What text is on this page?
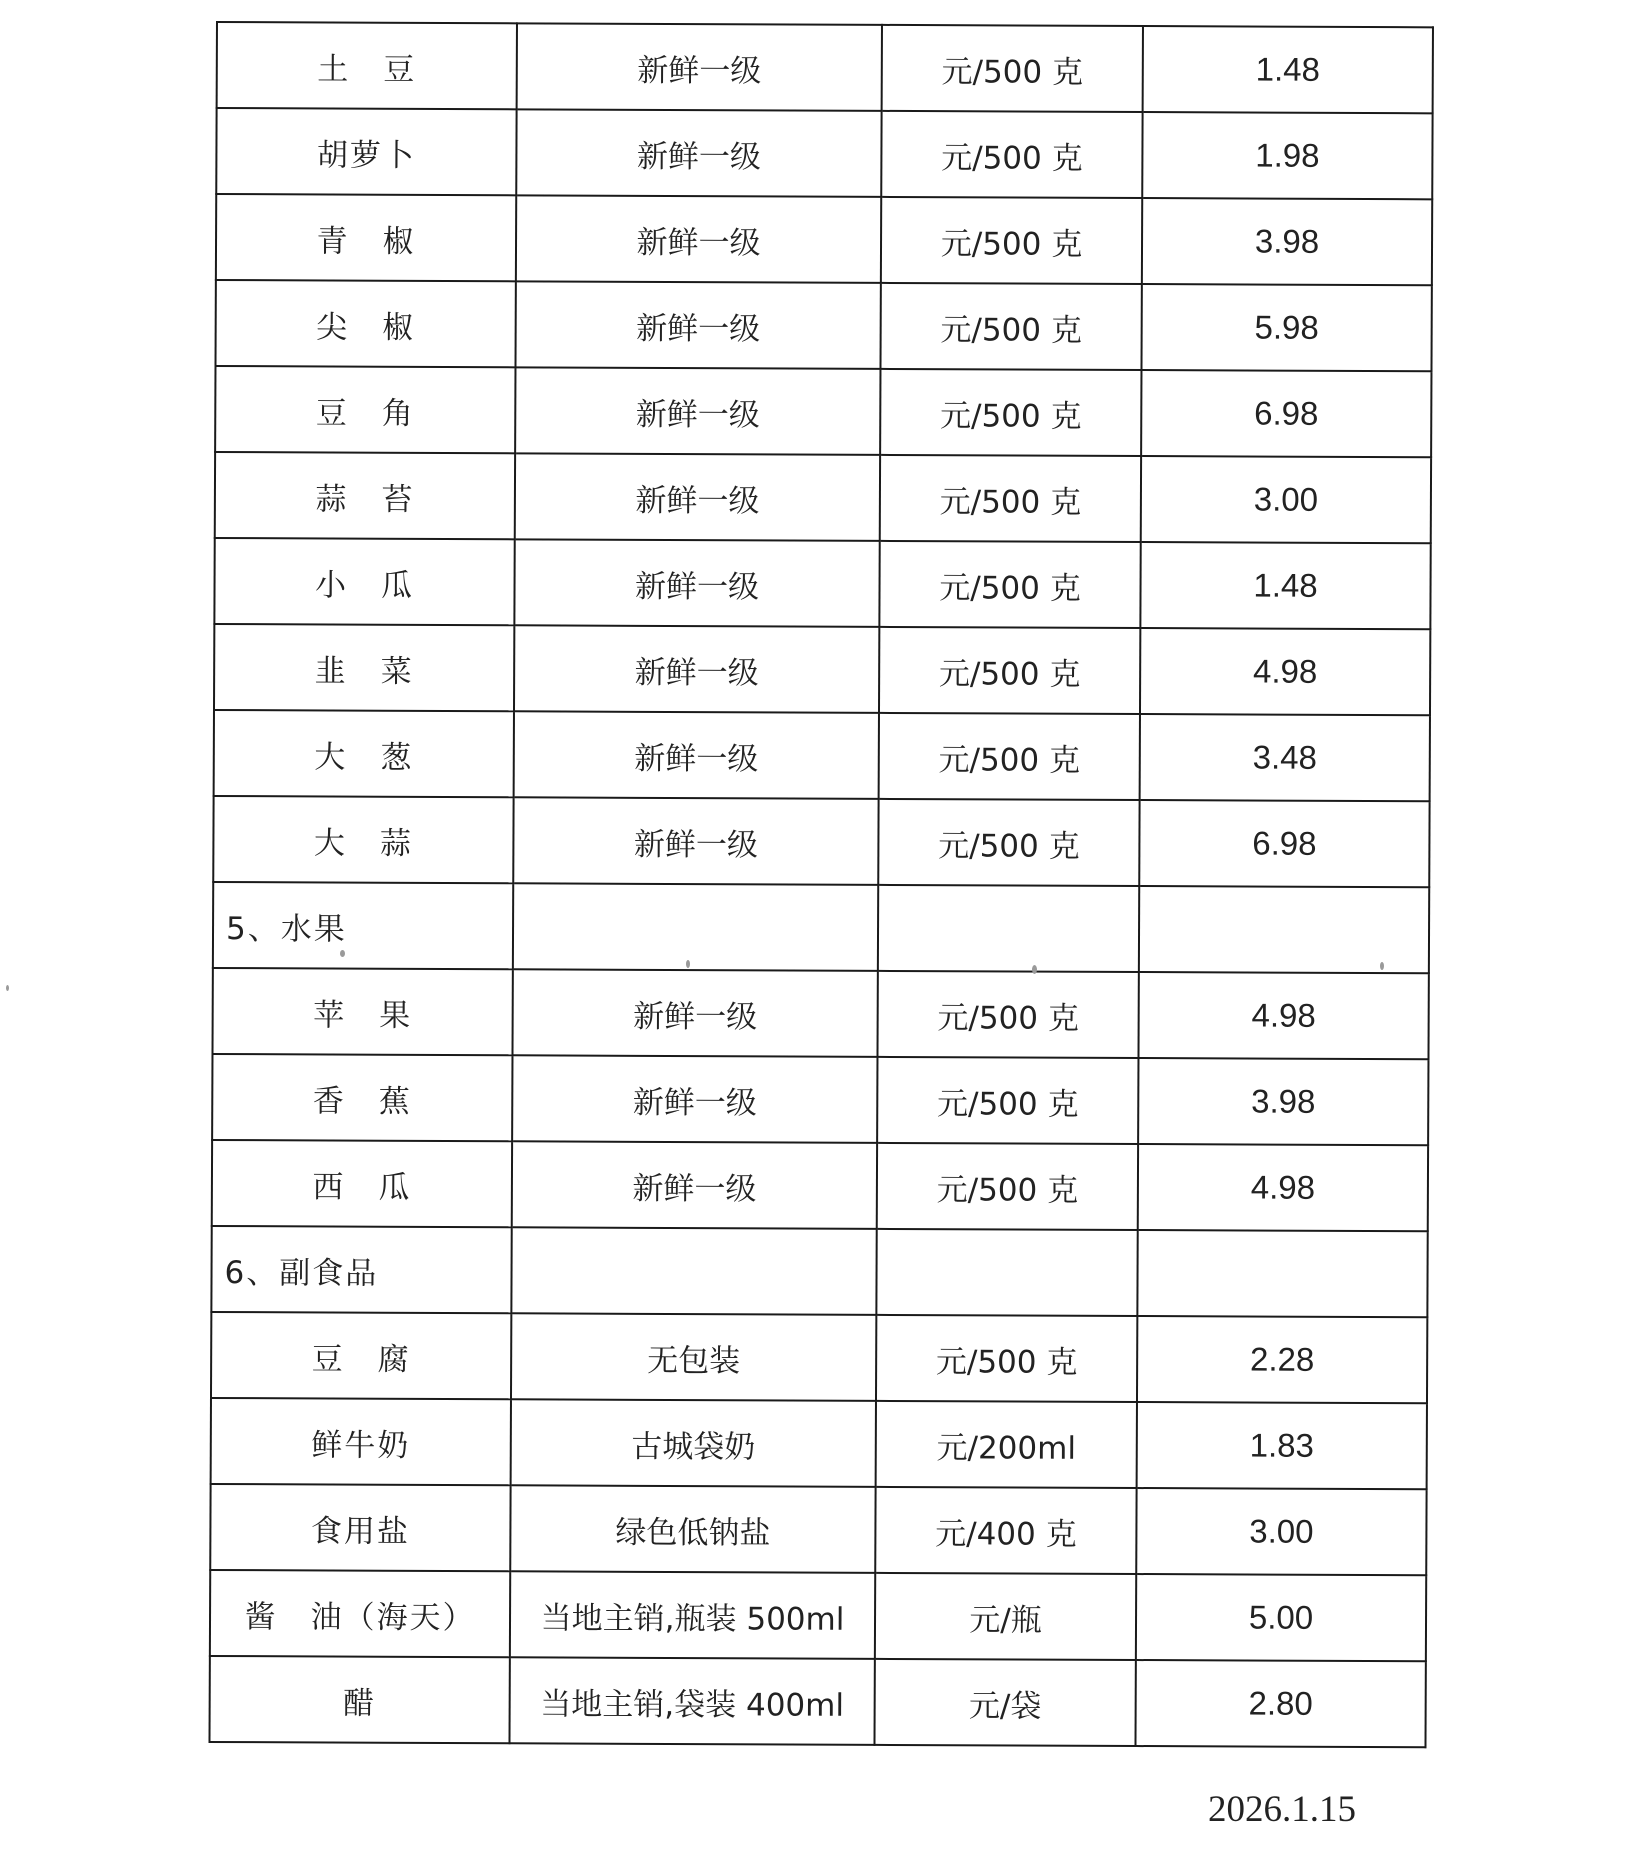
土　豆	新鲜一级	元/500 克	1.48
胡萝卜	新鲜一级	元/500 克	1.98
青　椒	新鲜一级	元/500 克	3.98
尖　椒	新鲜一级	元/500 克	5.98
豆　角	新鲜一级	元/500 克	6.98
蒜　苔	新鲜一级	元/500 克	3.00
小　瓜	新鲜一级	元/500 克	1.48
韭　菜	新鲜一级	元/500 克	4.98
大　葱	新鲜一级	元/500 克	3.48
大　蒜	新鲜一级	元/500 克	6.98
5、水果			
苹　果	新鲜一级	元/500 克	4.98
香　蕉	新鲜一级	元/500 克	3.98
西　瓜	新鲜一级	元/500 克	4.98
6、副食品			
豆　腐	无包装	元/500 克	2.28
鲜牛奶	古城袋奶	元/200ml	1.83
食用盐	绿色低钠盐	元/400 克	3.00
酱　油（海天）	当地主销,瓶装 500ml	元/瓶	5.00
醋	当地主销,袋装 400ml	元/袋	2.80
2026.1.15
